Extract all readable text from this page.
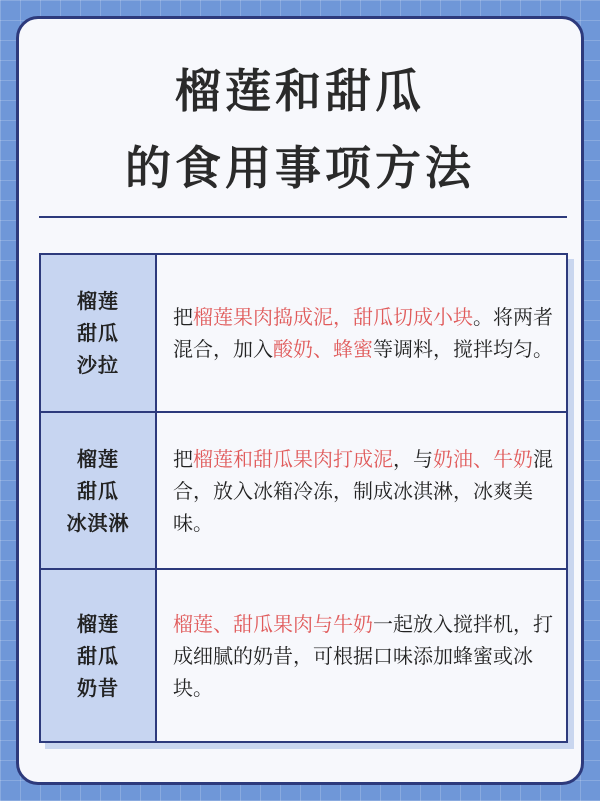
榴莲和甜瓜
的食用事项方法
榴莲
甜瓜
沙拉	把榴莲果肉捣成泥，甜瓜切成小块。将两者混合，加入酸奶、蜂蜜等调料，搅拌均匀。

榴莲
甜瓜
冰淇淋	把榴莲和甜瓜果肉打成泥，与奶油、牛奶混合，放入冰箱冷冻，制成冰淇淋，冰爽美味。

榴莲
甜瓜
奶昔	榴莲、甜瓜果肉与牛奶一起放入搅拌机，打成细腻的奶昔，可根据口味添加蜂蜜或冰块。
